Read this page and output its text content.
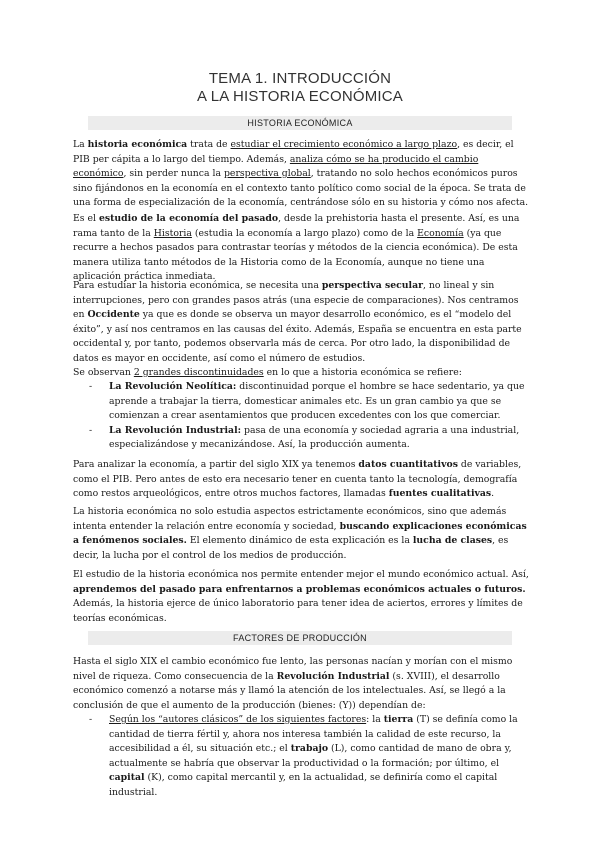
TEMA 1. INTRODUCCIÓN
A LA HISTORIA ECONÓMICA
HISTORIA ECONÓMICA

La historia económica trata de estudiar el crecimiento económico a largo plazo, es decir, el PIB per cápita a lo largo del tiempo. Además, analiza cómo se ha producido el cambio económico, sin perder nunca la perspectiva global, tratando no solo hechos económicos puros sino fijándonos en la economía en el contexto tanto político como social de la época. Se trata de una forma de especialización de la economía, centrándose sólo en su historia y cómo nos afecta.

Es el estudio de la economía del pasado, desde la prehistoria hasta el presente. Así, es una rama tanto de la Historia (estudia la economía a largo plazo) como de la Economía (ya que recurre a hechos pasados para contrastar teorías y métodos de la ciencia económica). De esta manera utiliza tanto métodos de la Historia como de la Economía, aunque no tiene una aplicación práctica inmediata.

Para estudiar la historia económica, se necesita una perspectiva secular, no lineal y sin interrupciones, pero con grandes pasos atrás (una especie de comparaciones). Nos centramos en Occidente ya que es donde se observa un mayor desarrollo económico, es el “modelo del éxito”, y así nos centramos en las causas del éxito. Además, España se encuentra en esta parte occidental y, por tanto, podemos observarla más de cerca. Por otro lado, la disponibilidad de datos es mayor en occidente, así como el número de estudios.

Se observan 2 grandes discontinuidades en lo que a historia económica se refiere:

- La Revolución Neolítica: discontinuidad porque el hombre se hace sedentario, ya que aprende a trabajar la tierra, domesticar animales etc. Es un gran cambio ya que se comienzan a crear asentamientos que producen excedentes con los que comerciar.
- La Revolución Industrial: pasa de una economía y sociedad agraria a una industrial, especializándose y mecanizándose. Así, la producción aumenta.

Para analizar la economía, a partir del siglo XIX ya tenemos datos cuantitativos de variables, como el PIB. Pero antes de esto era necesario tener en cuenta tanto la tecnología, demografía como restos arqueológicos, entre otros muchos factores, llamadas fuentes cualitativas.

La historia económica no solo estudia aspectos estrictamente económicos, sino que además intenta entender la relación entre economía y sociedad, buscando explicaciones económicas a fenómenos sociales. El elemento dinámico de esta explicación es la lucha de clases, es decir, la lucha por el control de los medios de producción.

El estudio de la historia económica nos permite entender mejor el mundo económico actual. Así, aprendemos del pasado para enfrentarnos a problemas económicos actuales o futuros. Además, la historia ejerce de único laboratorio para tener idea de aciertos, errores y límites de teorías económicas.

FACTORES DE PRODUCCIÓN

Hasta el siglo XIX el cambio económico fue lento, las personas nacían y morían con el mismo nivel de riqueza. Como consecuencia de la Revolución Industrial (s. XVIII), el desarrollo económico comenzó a notarse más y llamó la atención de los intelectuales. Así, se llegó a la conclusión de que el aumento de la producción (bienes: (Y)) dependían de:

- Según los “autores clásicos” de los siguientes factores: la tierra (T) se definía como la cantidad de tierra fértil y, ahora nos interesa también la calidad de este recurso, la accesibilidad a él, su situación etc.; el trabajo (L), como cantidad de mano de obra y, actualmente se habría que observar la productividad o la formación; por último, el capital (K), como capital mercantil y, en la actualidad, se definiría como el capital industrial.
